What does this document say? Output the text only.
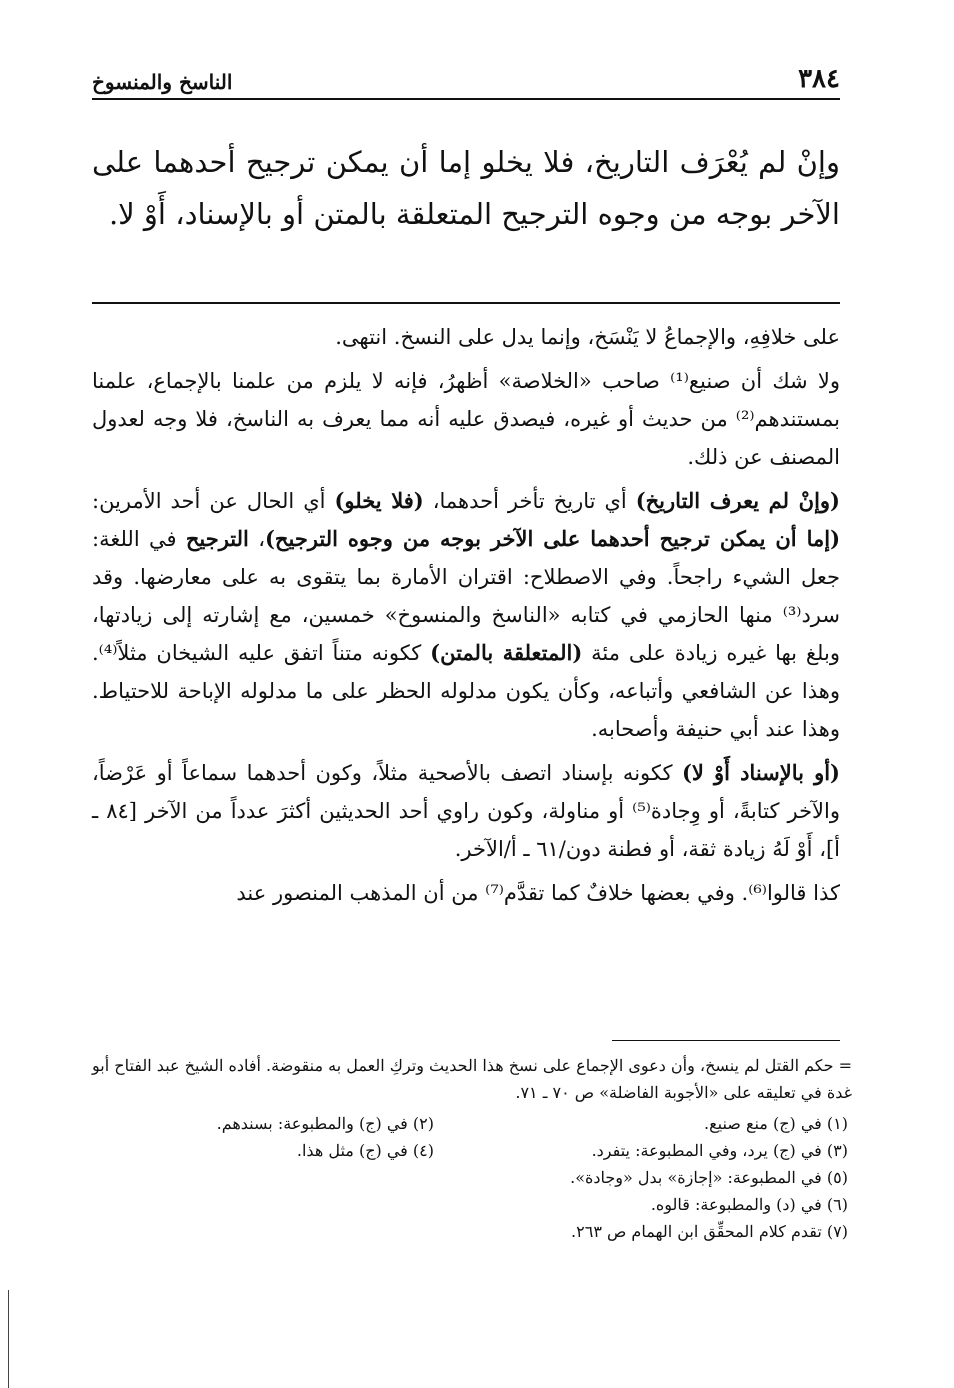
٣٨٤
الناسخ والمنسوخ

وإنْ لم يُعْرَف التاريخ، فلا يخلو إما أن يمكن ترجيح أحدهما على الآخر بوجه من وجوه الترجيح المتعلقة بالمتن أو بالإسناد، أَوْ لا.

على خلافِهِ، والإجماعُ لا يَنْسَخ، وإنما يدل على النسخ. انتهى.

ولا شك أن صنيع⁽¹⁾ صاحب «الخلاصة» أظهرُ، فإنه لا يلزم من علمنا بالإجماع، علمنا بمستندهم⁽²⁾ من حديث أو غيره، فيصدق عليه أنه مما يعرف به الناسخ، فلا وجه لعدول المصنف عن ذلك.

(وإنْ لم يعرف التاريخ) أي تاريخ تأخر أحدهما، (فلا يخلو) أي الحال عن أحد الأمرين: (إما أن يمكن ترجيح أحدهما على الآخر بوجه من وجوه الترجيح)، الترجيح في اللغة: جعل الشيء راجحاً. وفي الاصطلاح: اقتران الأمارة بما يتقوى به على معارضها. وقد سرد⁽³⁾ منها الحازمي في كتابه «الناسخ والمنسوخ» خمسين، مع إشارته إلى زيادتها، وبلغ بها غيره زيادة على مئة (المتعلقة بالمتن) ككونه متناً اتفق عليه الشيخان مثلاً⁽⁴⁾. وهذا عن الشافعي وأتباعه، وكأن يكون مدلوله الحظر على ما مدلوله الإباحة للاحتياط. وهذا عند أبي حنيفة وأصحابه.

(أو بالإسناد أَوْ لا) ككونه بإسناد اتصف بالأصحية مثلاً، وكون أحدهما سماعاً أو عَرْضاً، والآخر كتابةً، أو وِجادة⁽⁵⁾ أو مناولة، وكون راوي أحد الحديثين أكثرَ عدداً من الآخر [٨٤ ـ أ]، أَوْ لَهُ زيادة ثقة، أو فطنة دون/٦١ ـ أ/الآخر.

كذا قالوا⁽⁶⁾. وفي بعضها خلافٌ كما تقدَّم⁽⁷⁾ من أن المذهب المنصور عند

= حكم القتل لم ينسخ، وأن دعوى الإجماع على نسخ هذا الحديث وتركِ العمل به منقوضة. أفاده الشيخ عبد الفتاح أبو غدة في تعليقه على «الأجوبة الفاضلة» ص ٧٠ ـ ٧١.

(١) في (ج) منع صنيع.

(٢) في (ج) والمطبوعة: بسندهم.

(٣) في (ج) يرد، وفي المطبوعة: يتفرد.

(٤) في (ج) مثل هذا.

(٥) في المطبوعة: «إجازة» بدل «وجادة».

(٦) في (د) والمطبوعة: قالوه.

(٧) تقدم كلام المحقِّق ابن الهمام ص ٢٦٣.
